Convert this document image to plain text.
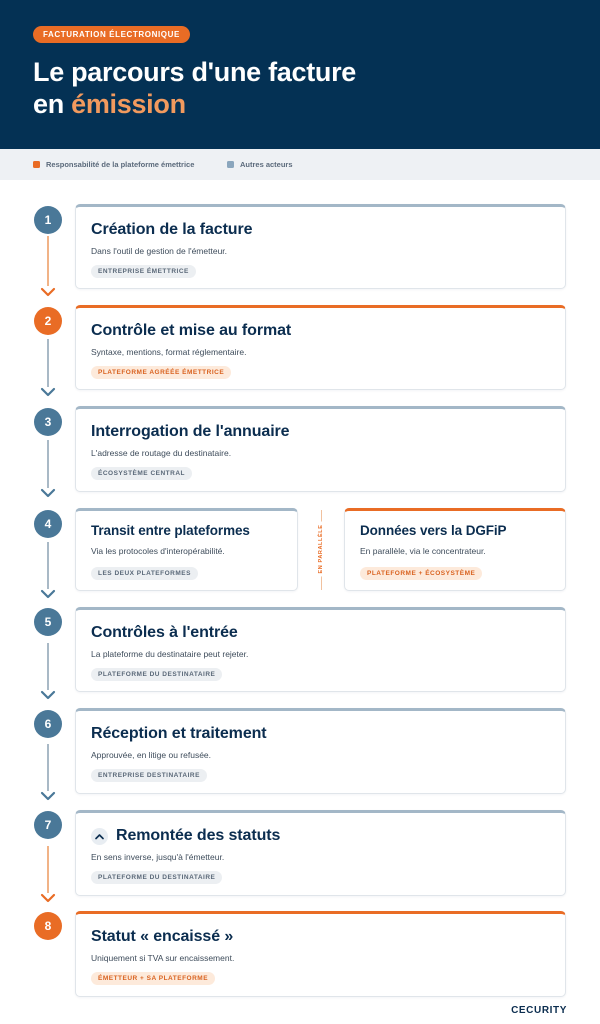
FACTURATION ÉLECTRONIQUE
Le parcours d'une facture
en émission
Responsabilité de la plateforme émettrice	Autres acteurs
1
Création de la facture
Dans l'outil de gestion de l'émetteur.
ENTREPRISE ÉMETTRICE
2
Contrôle et mise au format
Syntaxe, mentions, format réglementaire.
PLATEFORME AGRÉÉE ÉMETTRICE
3
Interrogation de l'annuaire
L'adresse de routage du destinataire.
ÉCOSYSTÈME CENTRAL
4	Transit entre plateformes
Via les protocoles d'interopérabilité.
LES DEUX PLATEFORMES
EN PARALLÈLE	Données vers la DGFiP
En parallèle, via le concentrateur.
PLATEFORME + ÉCOSYSTÈME
5
Contrôles à l'entrée
La plateforme du destinataire peut rejeter.
PLATEFORME DU DESTINATAIRE
6
Réception et traitement
Approuvée, en litige ou refusée.
ENTREPRISE DESTINATAIRE
7
Remontée des statuts
En sens inverse, jusqu'à l'émetteur.
PLATEFORME DU DESTINATAIRE
8
Statut « encaissé »
Uniquement si TVA sur encaissement.
ÉMETTEUR + SA PLATEFORME
CECURITY
